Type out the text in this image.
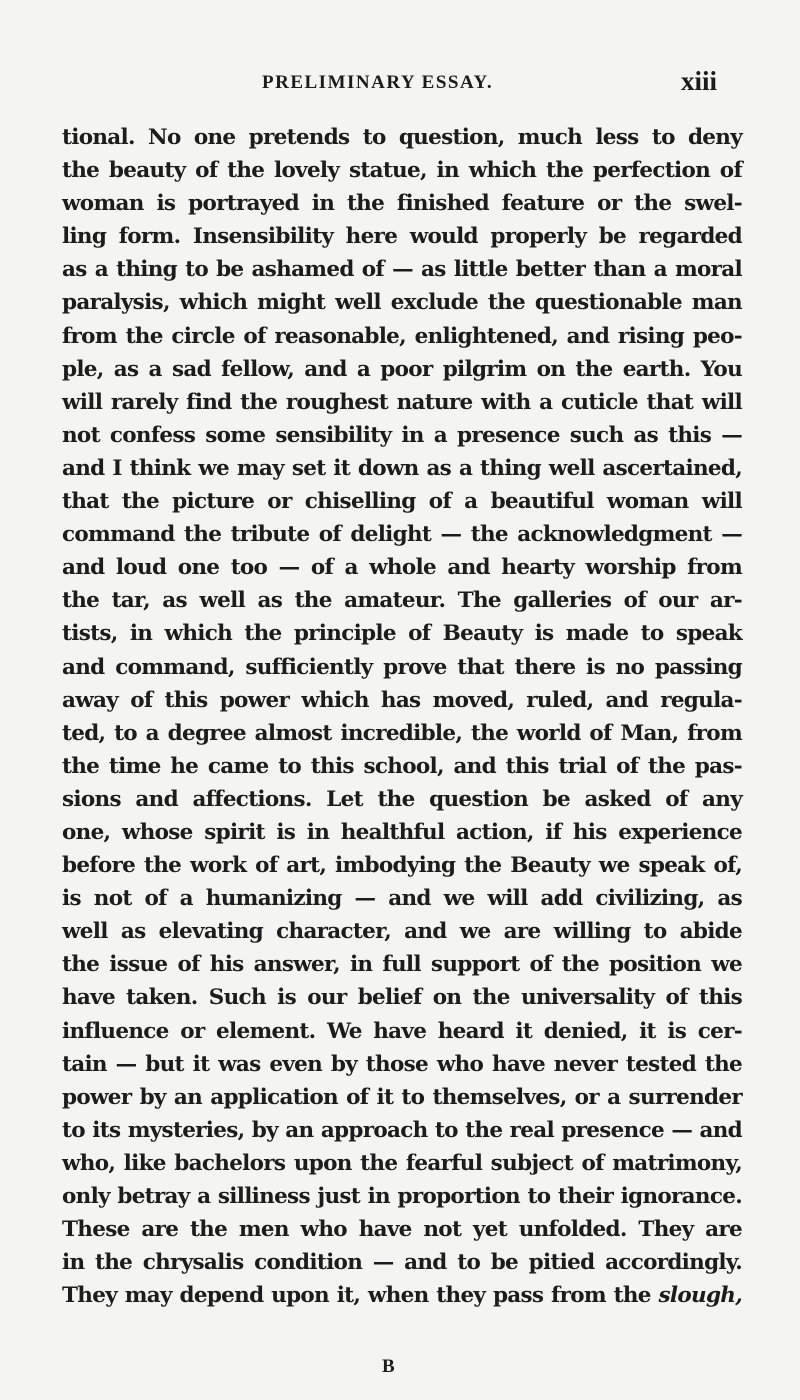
PRELIMINARY ESSAY.	xiii
tional. No one pretends to question, much less to deny
the beauty of the lovely statue, in which the perfection of
woman is portrayed in the finished feature or the swel-
ling form. Insensibility here would properly be regarded
as a thing to be ashamed of — as little better than a moral
paralysis, which might well exclude the questionable man
from the circle of reasonable, enlightened, and rising peo-
ple, as a sad fellow, and a poor pilgrim on the earth. You
will rarely find the roughest nature with a cuticle that will
not confess some sensibility in a presence such as this —
and I think we may set it down as a thing well ascertained,
that the picture or chiselling of a beautiful woman will
command the tribute of delight — the acknowledgment —
and loud one too — of a whole and hearty worship from
the tar, as well as the amateur. The galleries of our ar-
tists, in which the principle of Beauty is made to speak
and command, sufficiently prove that there is no passing
away of this power which has moved, ruled, and regula-
ted, to a degree almost incredible, the world of Man, from
the time he came to this school, and this trial of the pas-
sions and affections. Let the question be asked of any
one, whose spirit is in healthful action, if his experience
before the work of art, imbodying the Beauty we speak of,
is not of a humanizing — and we will add civilizing, as
well as elevating character, and we are willing to abide
the issue of his answer, in full support of the position we
have taken. Such is our belief on the universality of this
influence or element. We have heard it denied, it is cer-
tain — but it was even by those who have never tested the
power by an application of it to themselves, or a surrender
to its mysteries, by an approach to the real presence — and
who, like bachelors upon the fearful subject of matrimony,
only betray a silliness just in proportion to their ignorance.
These are the men who have not yet unfolded. They are
in the chrysalis condition — and to be pitied accordingly.
They may depend upon it, when they pass from the slough,
B
